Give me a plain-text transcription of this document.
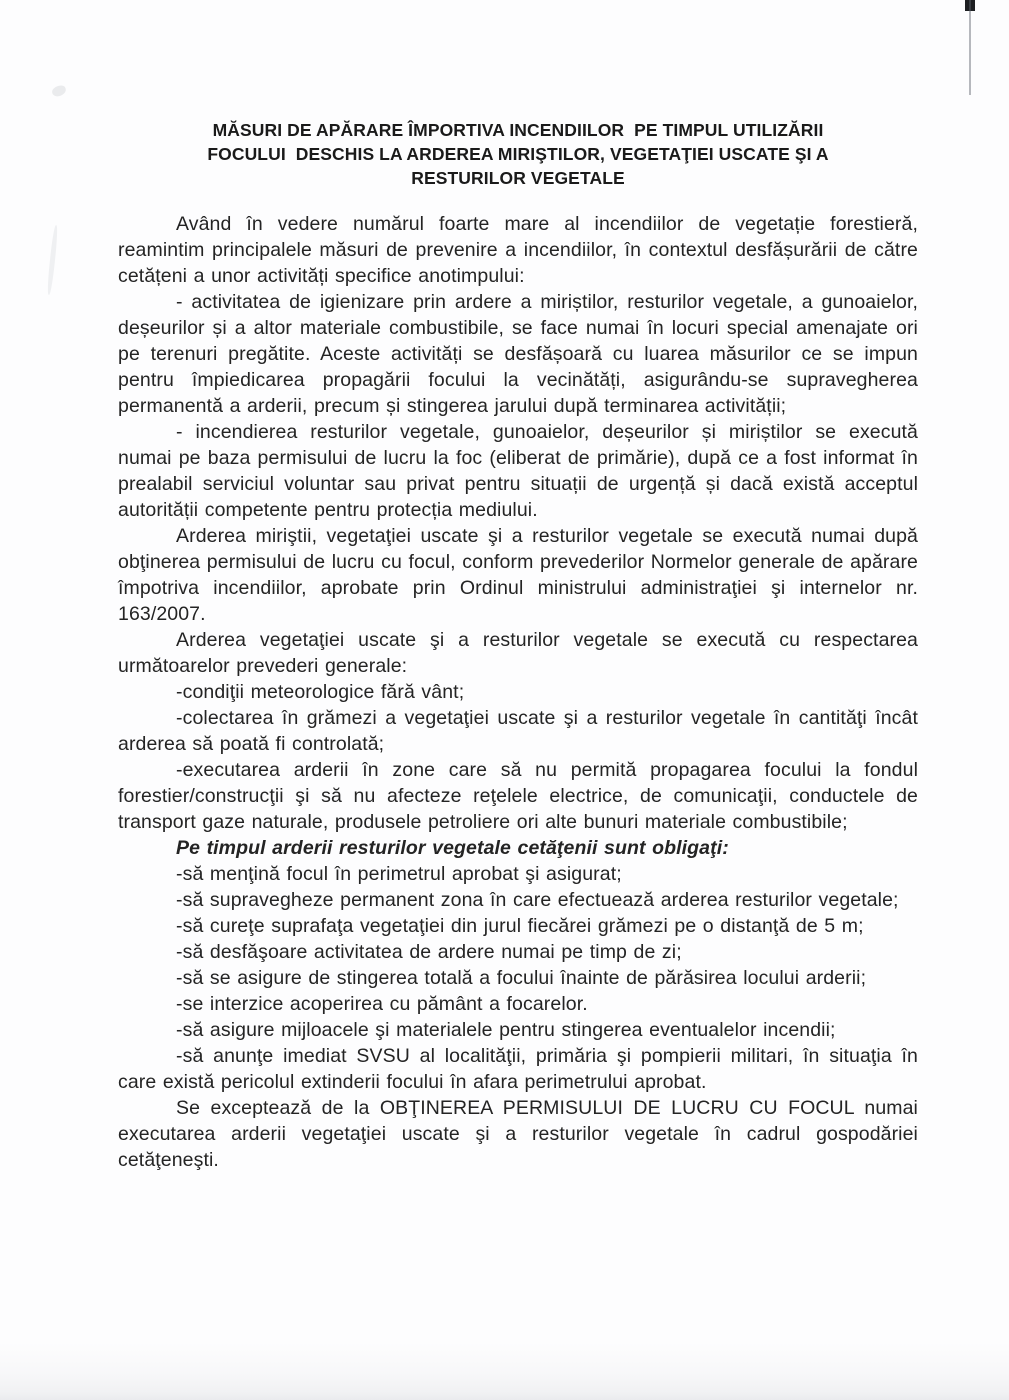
MĂSURI DE APĂRARE ÎMPORTIVA INCENDIILOR  PE TIMPUL UTILIZĂRII
FOCULUI  DESCHIS LA ARDEREA MIRIŞTILOR, VEGETAŢIEI USCATE ŞI A
RESTURILOR VEGETALE

Având în vedere numărul foarte mare al incendiilor de vegetație forestieră, reamintim principalele măsuri de prevenire a incendiilor, în contextul desfășurării de către cetățeni a unor activități specifice anotimpului:

- activitatea de igienizare prin ardere a miriștilor, resturilor vegetale, a gunoaielor, deșeurilor și a altor materiale combustibile, se face numai în locuri special amenajate ori pe terenuri pregătite. Aceste activități se desfășoară cu luarea măsurilor ce se impun pentru împiedicarea propagării focului la vecinătăți, asigurându-se supravegherea permanentă a arderii, precum și stingerea jarului după terminarea activității;

- incendierea resturilor vegetale, gunoaielor, deșeurilor și miriștilor se execută numai pe baza permisului de lucru la foc (eliberat de primărie), după ce a fost informat în prealabil serviciul voluntar sau privat pentru situații de urgență și dacă există acceptul autorității competente pentru protecția mediului.

Arderea miriştii, vegetaţiei uscate şi a resturilor vegetale se execută numai după obţinerea permisului de lucru cu focul, conform prevederilor Normelor generale de apărare împotriva incendiilor, aprobate prin Ordinul ministrului administraţiei şi internelor nr. 163/2007.

Arderea vegetaţiei uscate şi a resturilor vegetale se execută cu respectarea următoarelor prevederi generale:

-condiţii meteorologice fără vânt;

-colectarea în grămezi a vegetaţiei uscate şi a resturilor vegetale în cantităţi încât arderea să poată fi controlată;

-executarea arderii în zone care să nu permită propagarea focului la fondul forestier/construcţii şi să nu afecteze reţelele electrice, de comunicaţii, conductele de transport gaze naturale, produsele petroliere ori alte bunuri materiale combustibile;

Pe timpul arderii resturilor vegetale cetăţenii sunt obligaţi:

-să menţină focul în perimetrul aprobat şi asigurat;

-să supravegheze permanent zona în care efectuează arderea resturilor vegetale;

-să cureţe suprafaţa vegetaţiei din jurul fiecărei grămezi pe o distanţă de 5 m;

-să desfăşoare activitatea de ardere numai pe timp de zi;

-să se asigure de stingerea totală a focului înainte de părăsirea locului arderii;

-se interzice acoperirea cu pământ a focarelor.

-să asigure mijloacele şi materialele pentru stingerea eventualelor incendii;

-să anunţe imediat SVSU al localităţii, primăria şi pompierii militari, în situaţia în care există pericolul extinderii focului în afara perimetrului aprobat.

Se exceptează de la OBŢINEREA PERMISULUI DE LUCRU CU FOCUL numai executarea arderii vegetaţiei uscate şi a resturilor vegetale în cadrul gospodăriei cetăţeneşti.
